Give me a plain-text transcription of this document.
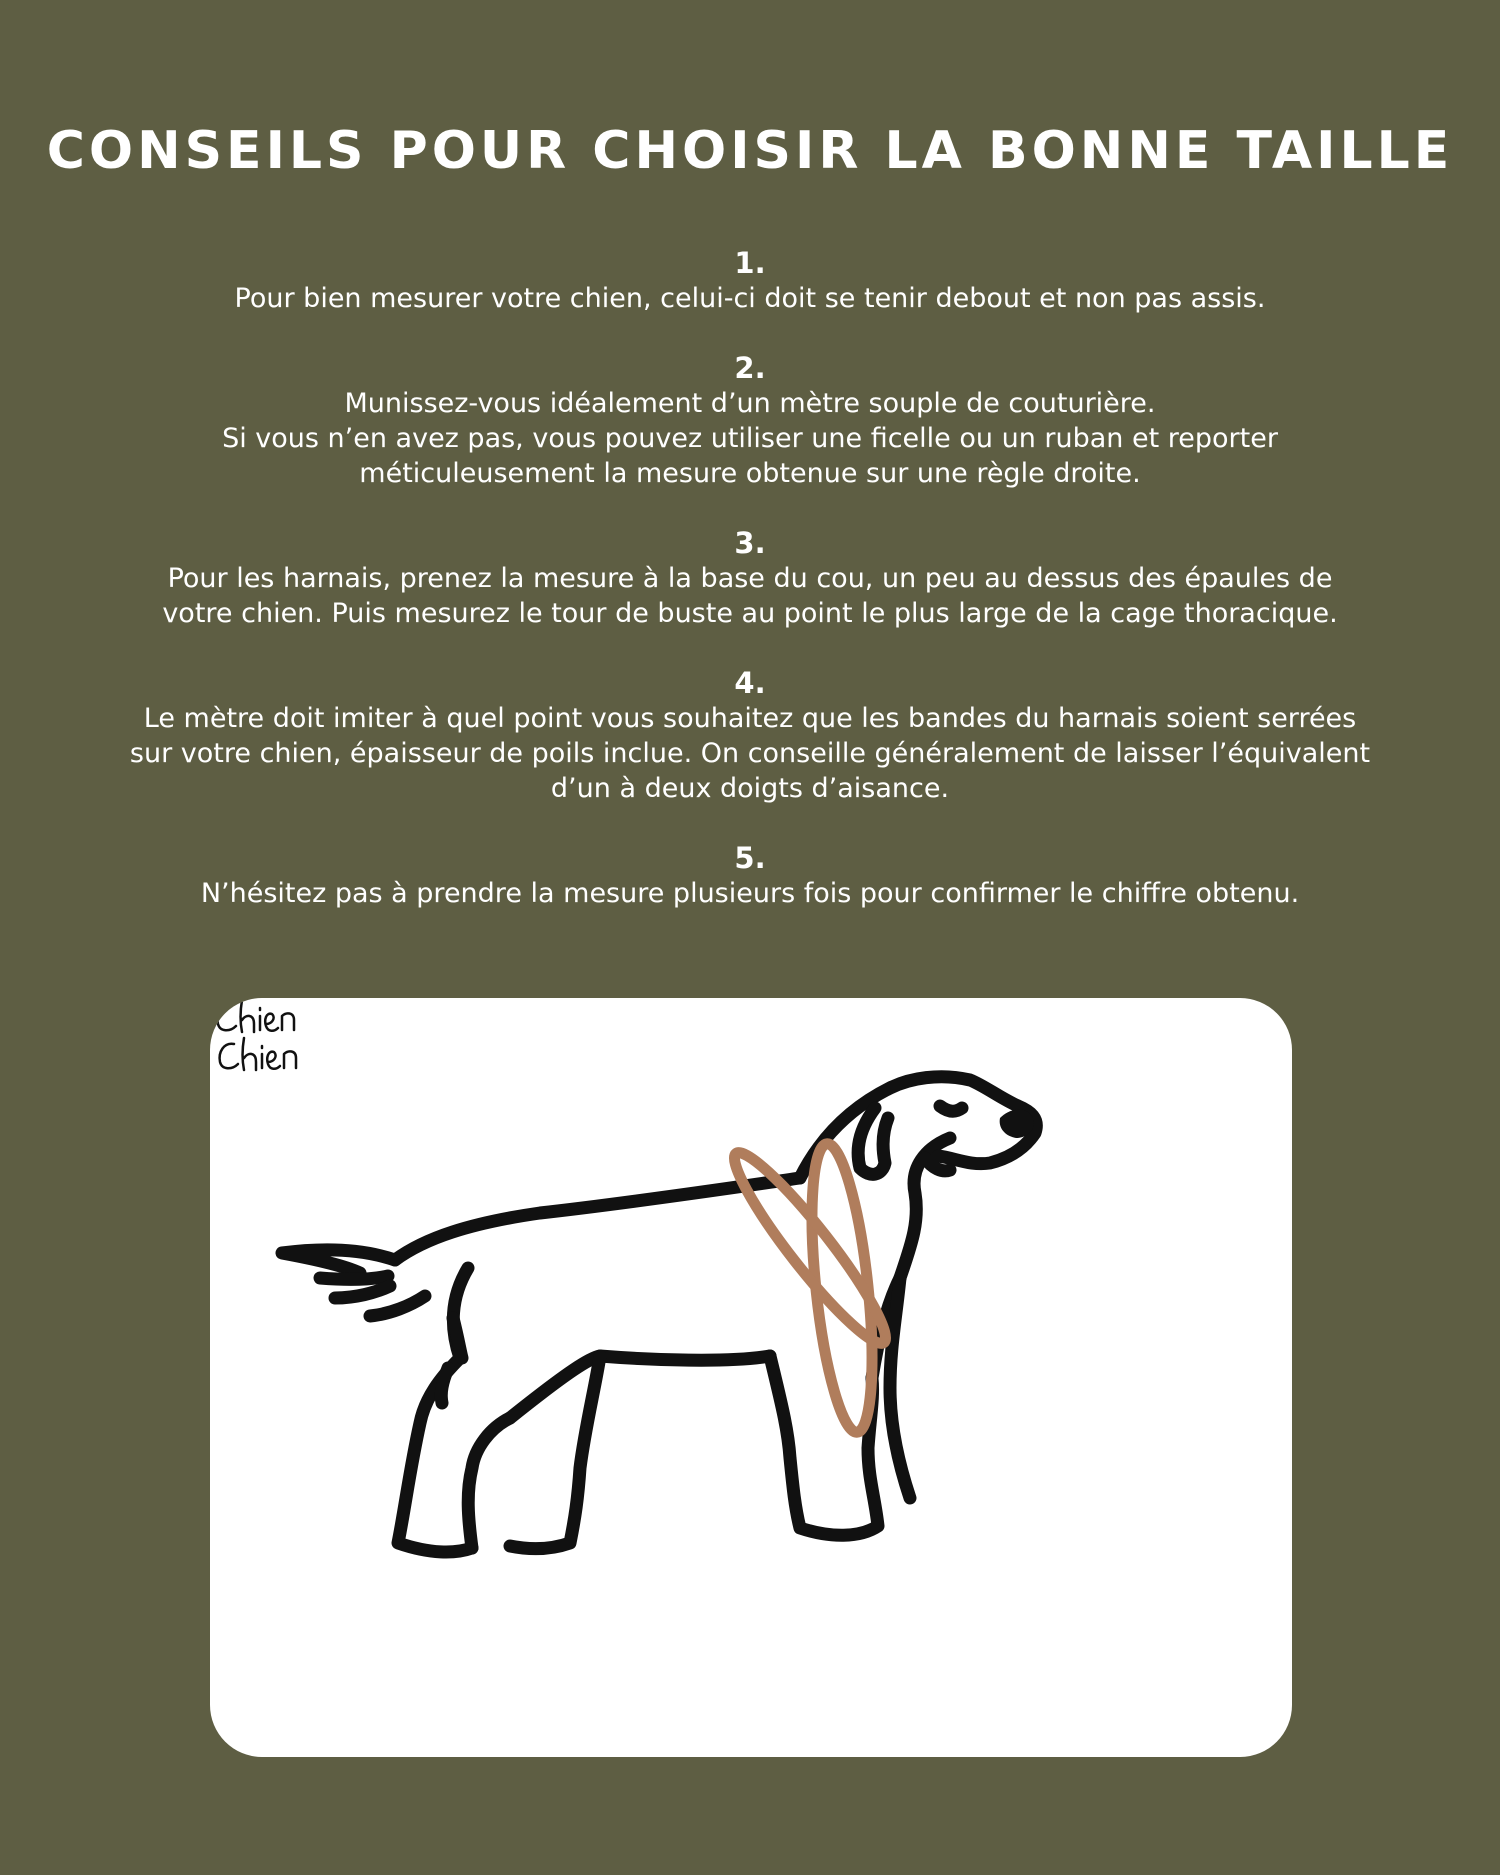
CONSEILS POUR CHOISIR LA BONNE TAILLE
1.
Pour bien mesurer votre chien, celui-ci doit se tenir debout et non pas assis.
2.
Munissez-vous idéalement d’un mètre souple de couturière.
Si vous n’en avez pas, vous pouvez utiliser une ficelle ou un ruban et reporter
méticuleusement la mesure obtenue sur une règle droite.
3.
Pour les harnais, prenez la mesure à la base du cou, un peu au dessus des épaules de
votre chien. Puis mesurez le tour de buste au point le plus large de la cage thoracique.
4.
Le mètre doit imiter à quel point vous souhaitez que les bandes du harnais soient serrées
sur votre chien, épaisseur de poils inclue. On conseille généralement de laisser l’équivalent
d’un à deux doigts d’aisance.
5.
N’hésitez pas à prendre la mesure plusieurs fois pour confirmer le chiffre obtenu.
